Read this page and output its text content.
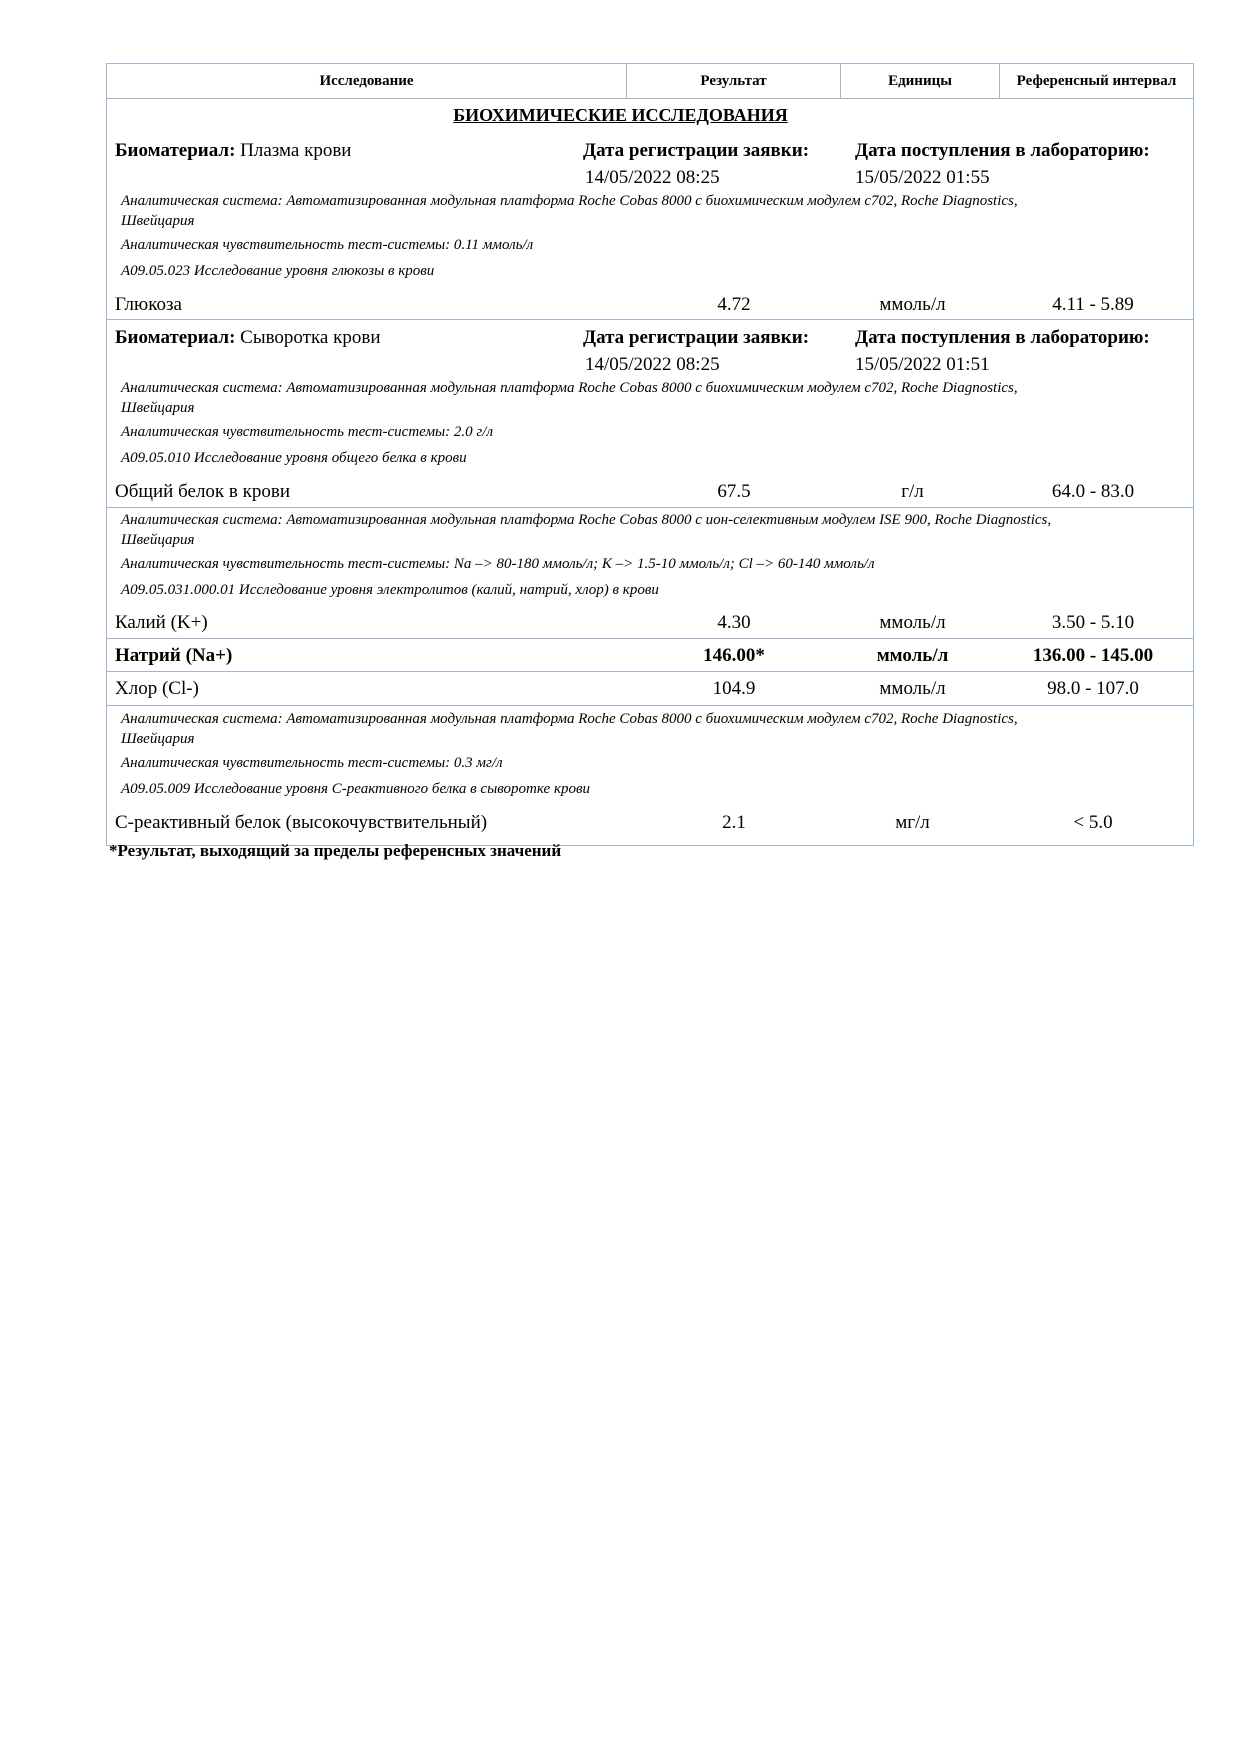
Исследование	Результат	Единицы	Референсный интервал
БИОХИМИЧЕСКИЕ ИССЛЕДОВАНИЯ
Биоматериал: Плазма крови	Дата регистрации заявки:
14/05/2022 08:25
Дата поступления в лабораторию:
15/05/2022 01:55
Аналитическая система: Автоматизированная модульная платформа Roche Cobas 8000 с биохимическим модулем с702, Roche Diagnostics,
Швейцария
Аналитическая чувствительность тест-системы: 0.11 ммоль/л
A09.05.023 Исследование уровня глюкозы в крови
Глюкоза	4.72	ммоль/л	4.11 - 5.89
Биоматериал: Сыворотка крови	Дата регистрации заявки:
14/05/2022 08:25
Дата поступления в лабораторию:
15/05/2022 01:51
Аналитическая система: Автоматизированная модульная платформа Roche Cobas 8000 с биохимическим модулем с702, Roche Diagnostics,
Швейцария
Аналитическая чувствительность тест-системы: 2.0 г/л
A09.05.010 Исследование уровня общего белка в крови
Общий белок в крови	67.5	г/л	64.0 - 83.0
Аналитическая система: Автоматизированная модульная платформа Roche Cobas 8000 с ион-селективным модулем ISE 900, Roche Diagnostics,
Швейцария
Аналитическая чувствительность тест-системы: Na –> 80-180 ммоль/л; K –> 1.5-10 ммоль/л; Cl –> 60-140 ммоль/л
A09.05.031.000.01 Исследование уровня электролитов (калий, натрий, хлор) в крови
Калий (K+)	4.30	ммоль/л	3.50 - 5.10
Натрий (Na+)	146.00*	ммоль/л	136.00 - 145.00
Хлор (Cl-)	104.9	ммоль/л	98.0 - 107.0
Аналитическая система: Автоматизированная модульная платформа Roche Cobas 8000 с биохимическим модулем с702, Roche Diagnostics,
Швейцария
Аналитическая чувствительность тест-системы: 0.3 мг/л
A09.05.009 Исследование уровня С-реактивного белка в сыворотке крови
С-реактивный белок (высокочувствительный)	2.1	мг/л	< 5.0
*Результат, выходящий за пределы референсных значений
